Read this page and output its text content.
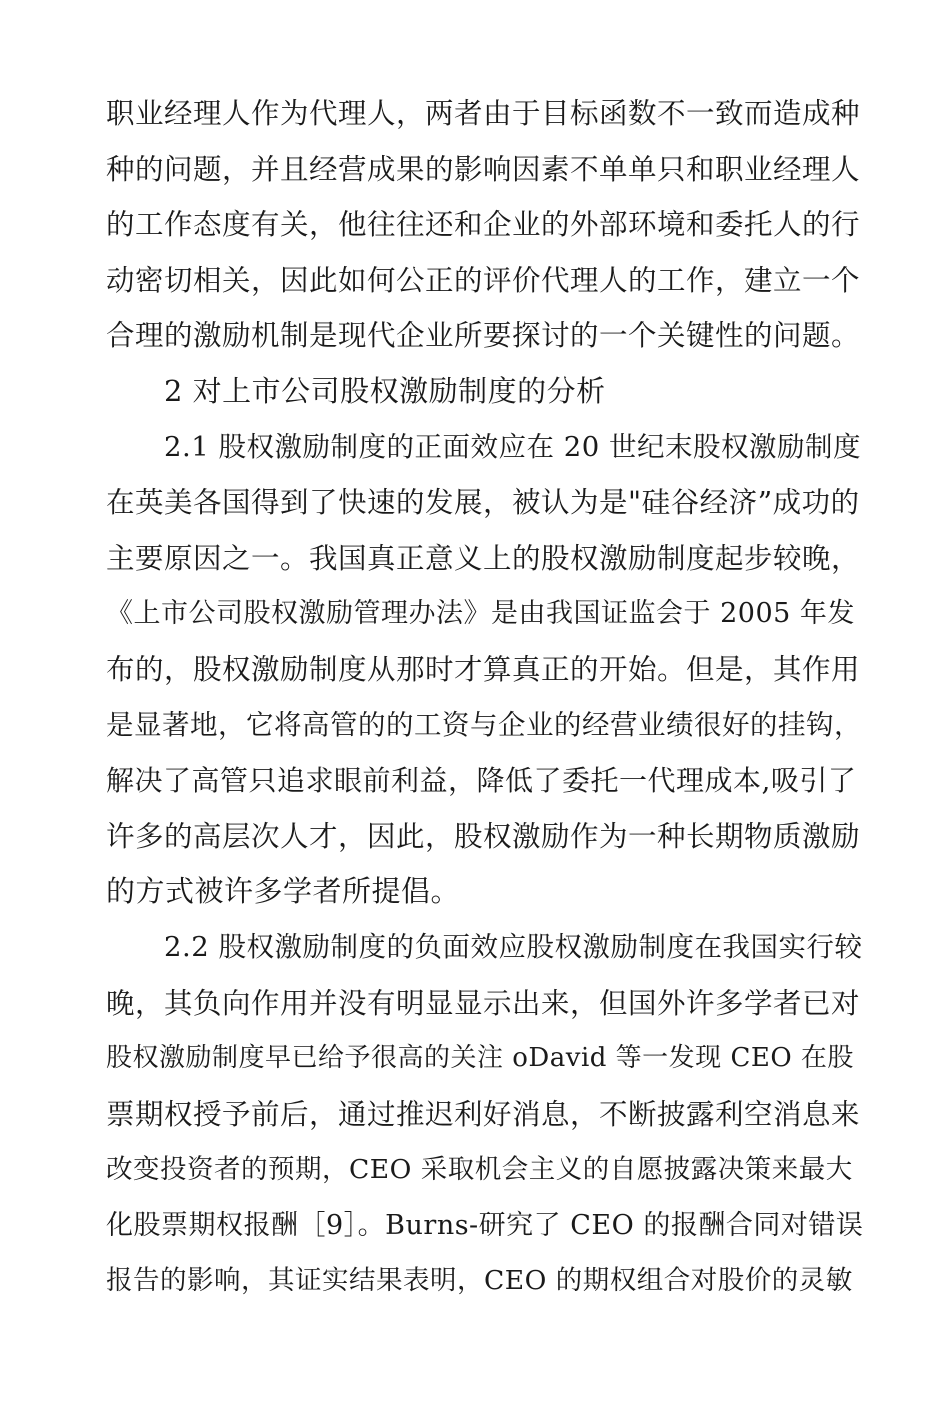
职业经理人作为代理人，两者由于目标函数不一致而造成种
种的问题，并且经营成果的影响因素不单单只和职业经理人
的工作态度有关，他往往还和企业的外部环境和委托人的行
动密切相关，因此如何公正的评价代理人的工作，建立一个
合理的激励机制是现代企业所要探讨的一个关键性的问题。
2 对上市公司股权激励制度的分析
2.1 股权激励制度的正面效应在 20 世纪末股权激励制度
在英美各国得到了快速的发展，被认为是"硅谷经济”成功的
主要原因之一。我国真正意义上的股权激励制度起步较晚，
《上市公司股权激励管理办法》是由我国证监会于 2005 年发
布的，股权激励制度从那时才算真正的开始。但是，其作用
是显著地，它将高管的的工资与企业的经营业绩很好的挂钩，
解决了高管只追求眼前利益，降低了委托一代理成本,吸引了
许多的高层次人才，因此，股权激励作为一种长期物质激励
的方式被许多学者所提倡。
2.2 股权激励制度的负面效应股权激励制度在我国实行较
晚，其负向作用并没有明显显示出来，但国外许多学者已对
股权激励制度早已给予很高的关注 oDavid 等一发现 CEO 在股
票期权授予前后，通过推迟利好消息，不断披露利空消息来
改变投资者的预期，CEO 采取机会主义的自愿披露决策来最大
化股票期权报酬［9］。Burns-研究了 CEO 的报酬合同对错误
报告的影响，其证实结果表明，CEO 的期权组合对股价的灵敏
